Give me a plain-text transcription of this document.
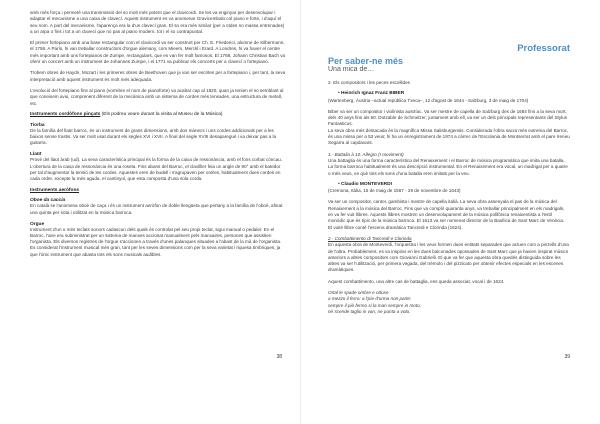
amb més força i permetè una transmissió del so molt més potent que el clavicordi. Se les va enginyar per desenvolupar i adaptar el mecanisme a una caixa de clavecí. Aquest instrument es va anomenar Gravicembalo col piano e forte, i d'aquí el seu nom. A part del mecanisme, l'aparença era la d'un clavecí gran. El so era més similar (per a oïdes no massa entrenades) a un arpa o fins i tot a un clavecí que no pas al piano modern, tot i el so contrapuntal.

El primer fortepiano amb una base rectangular com el clavicordi va ser construït per Ch. E. Friederici, alumne de Silbermann, el 1758. A París, hi van treballar constructors d'orgue alemany, com Mieers, Merckl i Erard. A Londres, hi va haver el centre més important amb uns fortepianos de Zumpe, rectangulars, que es van fer molt famosos. El 1768, Johann Christian Bach va oferir un concert amb un instrument de Johannes Zumpe, i el 1771 va publicar els concerts per a clavecí o fortepiano.

Trobem obres de Haydn, Mozart i les primeres obres de Beethoven que ja van ser escrites per a fortepiano i, per tant, la seva interpretació amb aquest instrument és molt més adequada.

L'evolució del fortepiano fins al piano (vorrebre el nom de pianoforte) va acabar cap al 1820, quan ja tenien el so semblant al que coneixem avui, comprenent diferent de la mecànica amb un sistema de cordes més tensades, una estructura de metall, etc.

Instruments cordòfons pinçats (Els podreu veure durant la visita al Museu de la Música)
Tiorba

De la família del llaüt barroc, és un instrument de grans dimensions, amb dos mànecs i uns cordes addicionals per a les baixos sense trastis. Va ser molt usat durant els segles XVI i XVII. A final del segle XVIII desapareguè i va deixar pas a la guitarra.

Llaüt

Prové del llaüt àrab (ud). La seva característica principal és la forma de la caixa de ressonància, amb el fons corbat cóncau. L'obertura de la caixa de ressonància és una roseta. Fins abans del Barroc, el clavilller feia un angle de 90° amb el batedor per tal d'augmentar la tensió de les cordes. Aquestes eren de budell i s'agrupaven per ordres, habitualment dues cordes en cada ordre, excepte la més aguda, el cantinyol, que esta composta d'una sola corda.

Instruments aeròfons
Oboe da caccia

En català se l'anomena oboè de caça i és un instrument aeròfon de doble llengüeta que pertany a la família de l'oboè, afinat una quinta per sota i utilitzat en la música barroca.

Orgue

Instrument d'un o més teclats sonors cadascun dels quals és controlat pel seu propi teclat, sigui manual o pedaler. En el Barroc, l'aire era subministrat per un sistema de manxes accionat manualment pels manxaires, persones que assistien l'organista. Els diversos registres de l'orgue s'accionen a través d'unes palanques situades a l'abast de la mà de l'organista. Es considerat l'instrument musical més gran, tant per les seves dimensions com per la seva varietat i riquesa tímbriques, ja que l'únic instrument que abasta tots els sons musicals audibles.

38
Professorat
Per saber-ne més
Una mica de…

2. Els compositors i les peces escollides

• Heinrich Ignaz Franz BIBER

(Wartenberg, Àustria –actual república Txeca–, 12 d'agost de 1644 - Salzburg, 3 de maig de 1704)

Biber va ser un compositor i violinista austríac. Va ser mestre de capella de Salzburg des de 1684 fins a la seva mort, dels 40 anys fins als 60. Dotzable de Schmelzer; juntament amb ell, va ser un dels principals representants del Stylus Fantasticus.

La seva obra més destacada és la magnífica Missa Salisburgensis. Considerada l'obra sacra més extrema del Barroc, és una missa per a 53 veus; hi ha un enregistrament de 1974 a càrrec de l'Escolania de Montserrat amb el pare Ireneu Segarra al capdavant.

1.- Battalia à 10. Allegro (I moviment)

Una battaglia és una forma característica del Renaixement i el Barroc de música programàtica que imita una batalla. La forma barroca habitualment és una descripció instrumental. En el Renaixement era vocal, un madrigal per a quatre o més veus, en què tots els sons d'una batalla eren imitats per la veu.

• Claudio MONTEVERDI

(Cremona, Itàlia, 15 de maig de 1567 - 29 de novembre de 1643)

Va ser un compositor, cantor, gambista i mestre de capella italià. La seva obra assenyala el pas de la música del Renaixement a la música del Barroc. Fins que va complir quaranta anys, va treballar principalment en els madrigals, en va fer vuit llibres. Aquests llibres mostren un desenvolupament de la música polifònica renaixentista a l'estil monòdic que és típic de la música barroca. El 1613 va ser nomenat director de la Basílica de Sant Marc de Venècia.

El vuitè llibre conté l'escena dramàtica Tancredi e Clorinda (1624).

2.- Combattimento di Tancredi e Clorinda

En aquesta obra de Monteverdi, l'orquestra i les veus formen dues entitats separades que actuen com a pinzells d'una de l'altra. Probablement, es va inspirar en les dues balconades opossades de Sant Marc que ja havien inspirat músics anteriors a altres compositors com Giovanni Gabrielli. El que va fer que aquesta obra quedés distinguida sobre les altres va ser l'utilització, per primera vegada, del trèmolo i del pizzicato per obtenir efectes especials en les escenes dramàtiques.

Aquest combattimento, una altre cas de battaglia, ens queda associat, vocal i de 1624.

Ortal le spade ombre e ottuse

a mezzo il ferro: a l'pìe d'orma non parte:

sempre il piè fermo si la man sempre in moto,

nè scende taglio in van, ne punta a voto.

39
